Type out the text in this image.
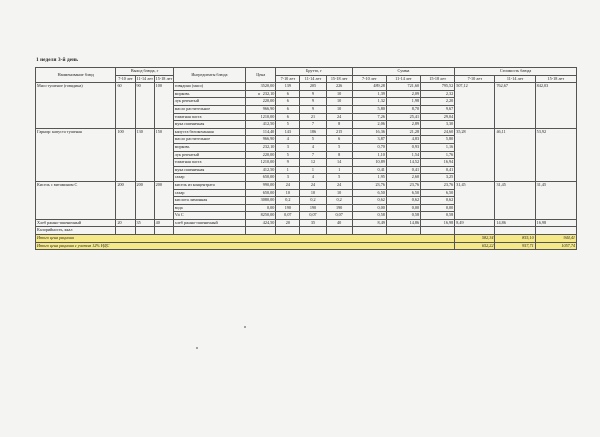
1 неделя 3-й день
Наименование блюд	Выход блюда, г			Ингредиенты блюда	Цена	Брутто, г			Сумма			Стоимость блюда		
	7-10 лет	11-14 лет	15-18 лет			7-10 лет	11-14 лет	15-18 лет	7-10 лет	11-14 лет	15-18 лет	7-10 лет	11-14 лет	15-18 лет
Мясо тушеное (говядина)	60	90	100	говядина (мясо)	3520,00	139	205	226	489,28	721,60	795,52	507,12	762,67	842,03
				морковь	232,10	6	9	10	1,39	2,09	2,32			
				лук репчатый	220,00	6	9	10	1,32	1,98	2,20			
				масло растительное	966,90	6	9	10	5,80	8,70	9,67			
				томатная паста	1210,00	6	21	24	7,26	25,41	29,04			
				мука пшеничная	412,50	5	7	8	2,06	2,89	3,30			
Гарнир: капуста тушеная	100	130	150	капуста белокочанная	114,40	143	186	215	16,36	21,28	24,60	35,28	46,11	53,92
				масло растительное	966,90	4	5	6	3,87	4,83	5,80			
				морковь	232,10	3	4	5	0,70	0,93	1,16			
				лук репчатый	220,00	5	7	8	1,10	1,54	1,76			
				томатная паста	1210,00	9	12	14	10,89	14,52	16,94			
				мука пшеничная	412,50	1	1	1	0,41	0,41	0,41			
				сахар	650,00	3	4	5	1,95	2,60	3,25			
Кисель с витамином С	200	200	200	кисель из концентрата	990,00	24	24	24	23,76	23,76	23,76	31,45	31,45	31,45
				сахар	650,00	10	10	10	6,50	6,50	6,50			
				кислота лимонная	3080,00	0,2	0,2	0,2	0,62	0,62	0,62			
				вода	0,00	190	190	190	0,00	0,00	0,00			
				Vit C	8250,00	0,07	0,07	0,07	0,58	0,58	0,58			
Хлеб ржано-пшеничный	20	35	40	хлеб ржано-пшеничный	424,50	20	35	40	8,49	14,86	16,98	8,49	14,86	16,98
Калорийность, ккал														
Итого цена рациона												582,34	855,10	944,41
Итого цена рациона с учетом 12% НДС												652,22	957,71	1057,74
